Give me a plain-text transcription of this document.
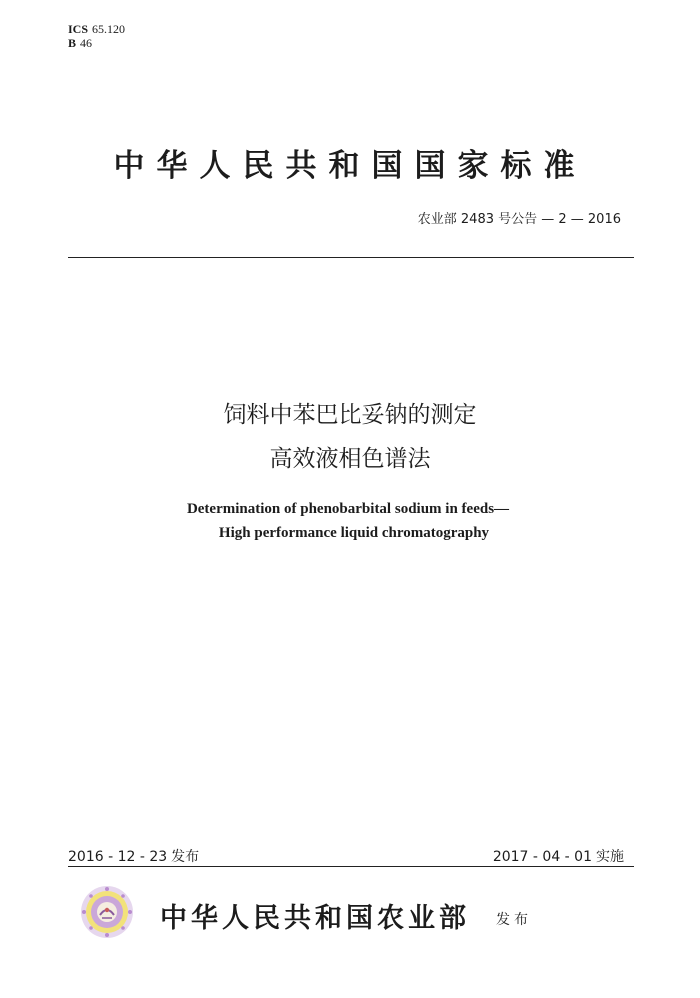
ICS 65.120
B 46
中华人民共和国国家标准
农业部 2483 号公告 — 2 — 2016
饲料中苯巴比妥钠的测定
高效液相色谱法
Determination of phenobarbital sodium in feeds—
High performance liquid chromatography
2016 - 12 - 23 发布	2017 - 04 - 01 实施
中华人民共和国农业部 发布
